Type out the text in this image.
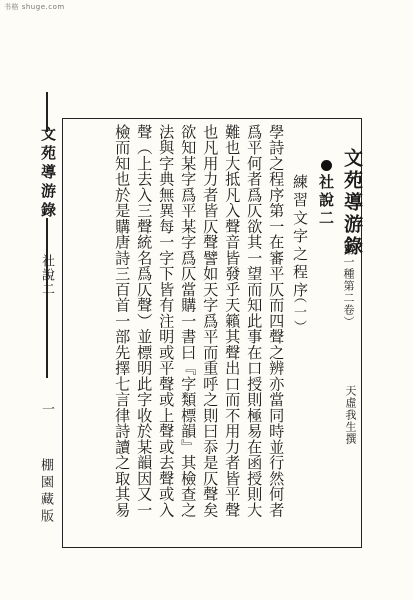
书格 shuge.com
文苑導游錄
社說二
一
棚園藏版
文苑導游錄
（第一種第二卷）
天虛我生撰
社說二
練習文字之程序
（一）
學詩之程序第一在審平仄而四聲之辨亦當同時並行然何者
爲平何者爲仄欲其一望而知此事在口授則極易在函授則大
難也大抵凡入聲音皆發乎天籟其聲出口而不用力者皆平聲
也凡用力者皆仄聲譬如天字爲平而重呼之則曰忝是仄聲矣
欲知某字爲平某字爲仄當購一書曰『字類標韻』其檢查之
法與字典無異每一字下皆有注明或平聲或上聲或去聲或入
聲（上去入三聲統名爲仄聲）並標明此字收於某韻因又一
檢而知也於是購唐詩三百首一部先擇七言律詩讀之取其易
